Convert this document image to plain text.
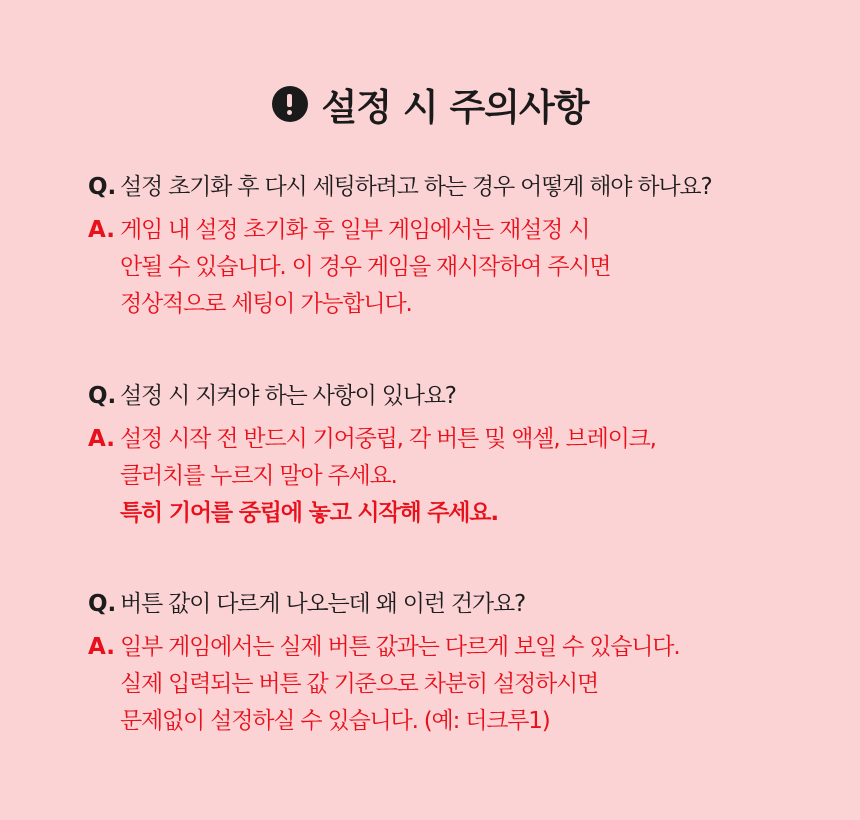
설정 시 주의사항
Q. 설정 초기화 후 다시 세팅하려고 하는 경우 어떻게 해야 하나요?
A. 게임 내 설정 초기화 후 일부 게임에서는 재설정 시
안될 수 있습니다. 이 경우 게임을 재시작하여 주시면
정상적으로 세팅이 가능합니다.
Q. 설정 시 지켜야 하는 사항이 있나요?
A. 설정 시작 전 반드시 기어중립, 각 버튼 및 액셀, 브레이크,
클러치를 누르지 말아 주세요.
특히 기어를 중립에 놓고 시작해 주세요.
Q. 버튼 값이 다르게 나오는데 왜 이런 건가요?
A. 일부 게임에서는 실제 버튼 값과는 다르게 보일 수 있습니다.
실제 입력되는 버튼 값 기준으로 차분히 설정하시면
문제없이 설정하실 수 있습니다. (예: 더크루1)
